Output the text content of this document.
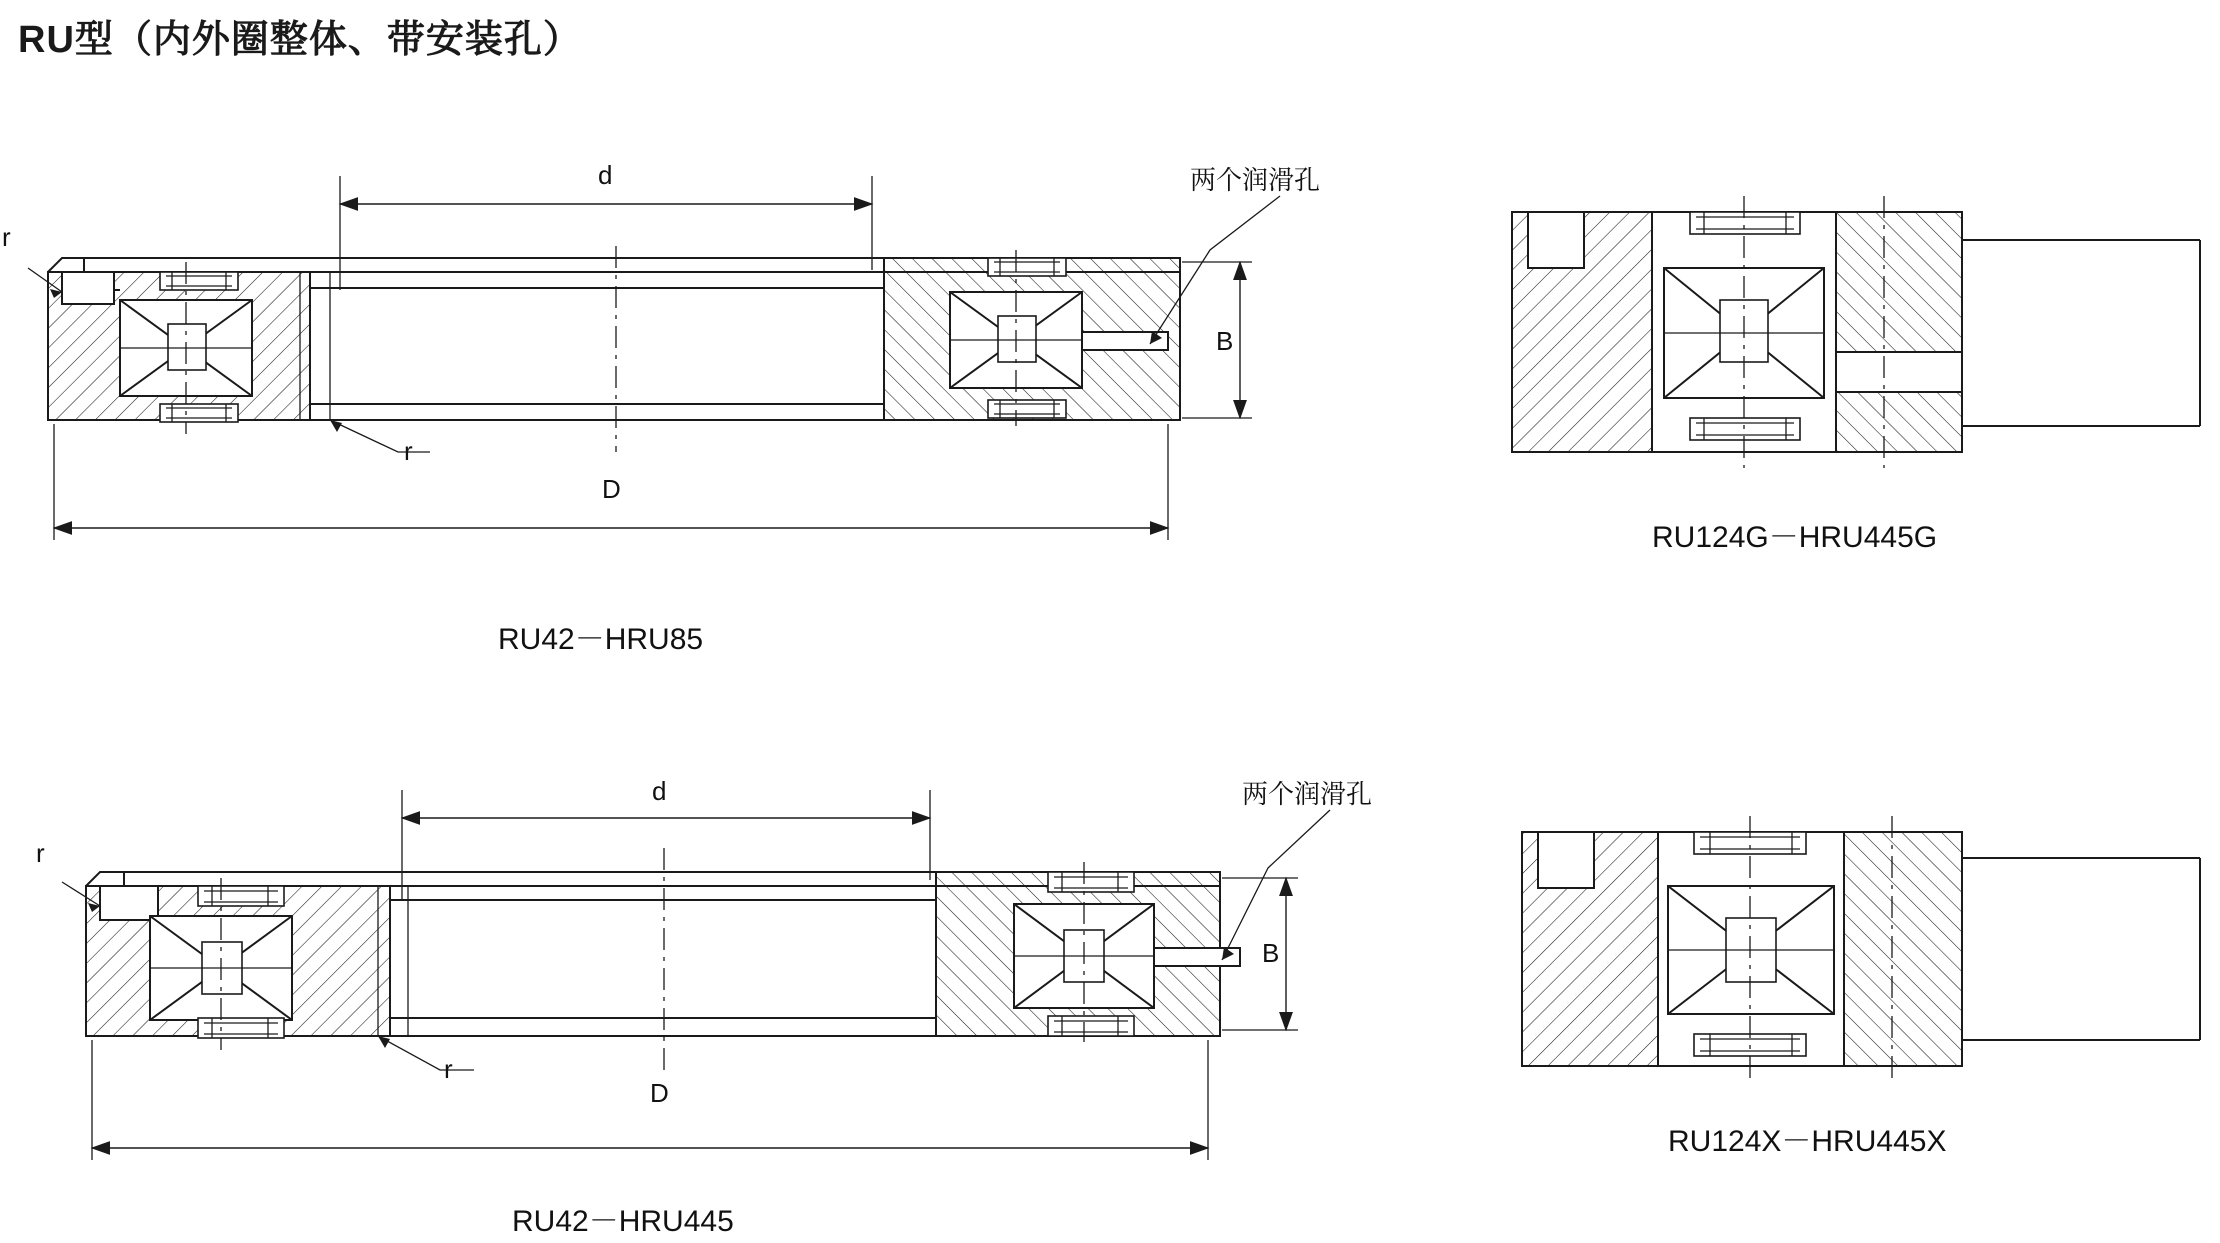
RU型（内外圈整体、带安装孔）
d
D
B
r
r
两个润滑孔
RU42－HRU85
RU124G－HRU445G
d
D
B
r
r
两个润滑孔
RU42－HRU445
RU124X－HRU445X
